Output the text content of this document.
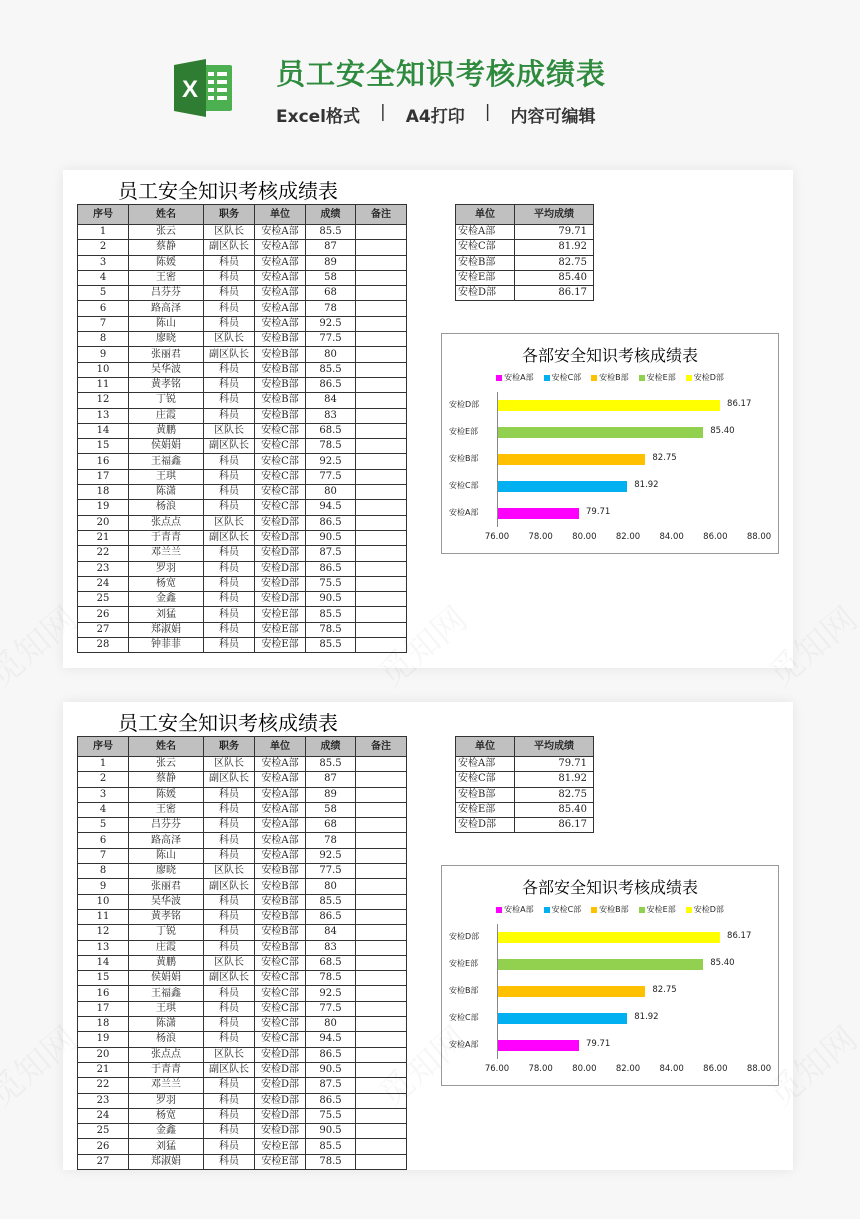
X	员工安全知识考核成绩表
Excel格式 | A4打印 | 内容可编辑
员工安全知识考核成绩表
序号	姓名	职务	单位	成绩	备注
1	张云	区队长	安检A部	85.5	
2	蔡静	副区队长	安检A部	87	
3	陈媛	科员	安检A部	89	
4	王密	科员	安检A部	58	
5	吕芬芬	科员	安检A部	68	
6	路高泽	科员	安检A部	78	
7	陈山	科员	安检A部	92.5	
8	廖晓	区队长	安检B部	77.5	
9	张丽君	副区队长	安检B部	80	
10	吴华波	科员	安检B部	85.5	
11	黄孝铭	科员	安检B部	86.5	
12	丁锐	科员	安检B部	84	
13	庄霞	科员	安检B部	83	
14	黄鹏	区队长	安检C部	68.5	
15	侯娟娟	副区队长	安检C部	78.5	
16	王福鑫	科员	安检C部	92.5	
17	王琪	科员	安检C部	77.5	
18	陈潇	科员	安检C部	80	
19	杨浪	科员	安检C部	94.5	
20	张点点	区队长	安检D部	86.5	
21	于青青	副区队长	安检D部	90.5	
22	邓兰兰	科员	安检D部	87.5	
23	罗羽	科员	安检D部	86.5	
24	杨宽	科员	安检D部	75.5	
25	金鑫	科员	安检D部	90.5	
26	刘猛	科员	安检E部	85.5	
27	郑淑娟	科员	安检E部	78.5	
28	钟菲菲	科员	安检E部	85.5	
单位	平均成绩
安检A部	79.71
安检C部	81.92
安检B部	82.75
安检E部	85.40
安检D部	86.17
各部安全知识考核成绩表
安检A部 安检C部 安检B部 安检E部 安检D部
安检D部	86.17
安检E部	85.40
安检B部	82.75
安检C部	81.92
安检A部	79.71
76.00 78.00 80.00 82.00 84.00 86.00 88.00
员工安全知识考核成绩表
序号	姓名	职务	单位	成绩	备注
1	张云	区队长	安检A部	85.5	
2	蔡静	副区队长	安检A部	87	
3	陈媛	科员	安检A部	89	
4	王密	科员	安检A部	58	
5	吕芬芬	科员	安检A部	68	
6	路高泽	科员	安检A部	78	
7	陈山	科员	安检A部	92.5	
8	廖晓	区队长	安检B部	77.5	
9	张丽君	副区队长	安检B部	80	
10	吴华波	科员	安检B部	85.5	
11	黄孝铭	科员	安检B部	86.5	
12	丁锐	科员	安检B部	84	
13	庄霞	科员	安检B部	83	
14	黄鹏	区队长	安检C部	68.5	
15	侯娟娟	副区队长	安检C部	78.5	
16	王福鑫	科员	安检C部	92.5	
17	王琪	科员	安检C部	77.5	
18	陈潇	科员	安检C部	80	
19	杨浪	科员	安检C部	94.5	
20	张点点	区队长	安检D部	86.5	
21	于青青	副区队长	安检D部	90.5	
22	邓兰兰	科员	安检D部	87.5	
23	罗羽	科员	安检D部	86.5	
24	杨宽	科员	安检D部	75.5	
25	金鑫	科员	安检D部	90.5	
26	刘猛	科员	安检E部	85.5	
27	郑淑娟	科员	安检E部	78.5	
单位	平均成绩
安检A部	79.71
安检C部	81.92
安检B部	82.75
安检E部	85.40
安检D部	86.17
各部安全知识考核成绩表
安检A部 安检C部 安检B部 安检E部 安检D部
安检D部	86.17
安检E部	85.40
安检B部	82.75
安检C部	81.92
安检A部	79.71
76.00 78.00 80.00 82.00 84.00 86.00 88.00
